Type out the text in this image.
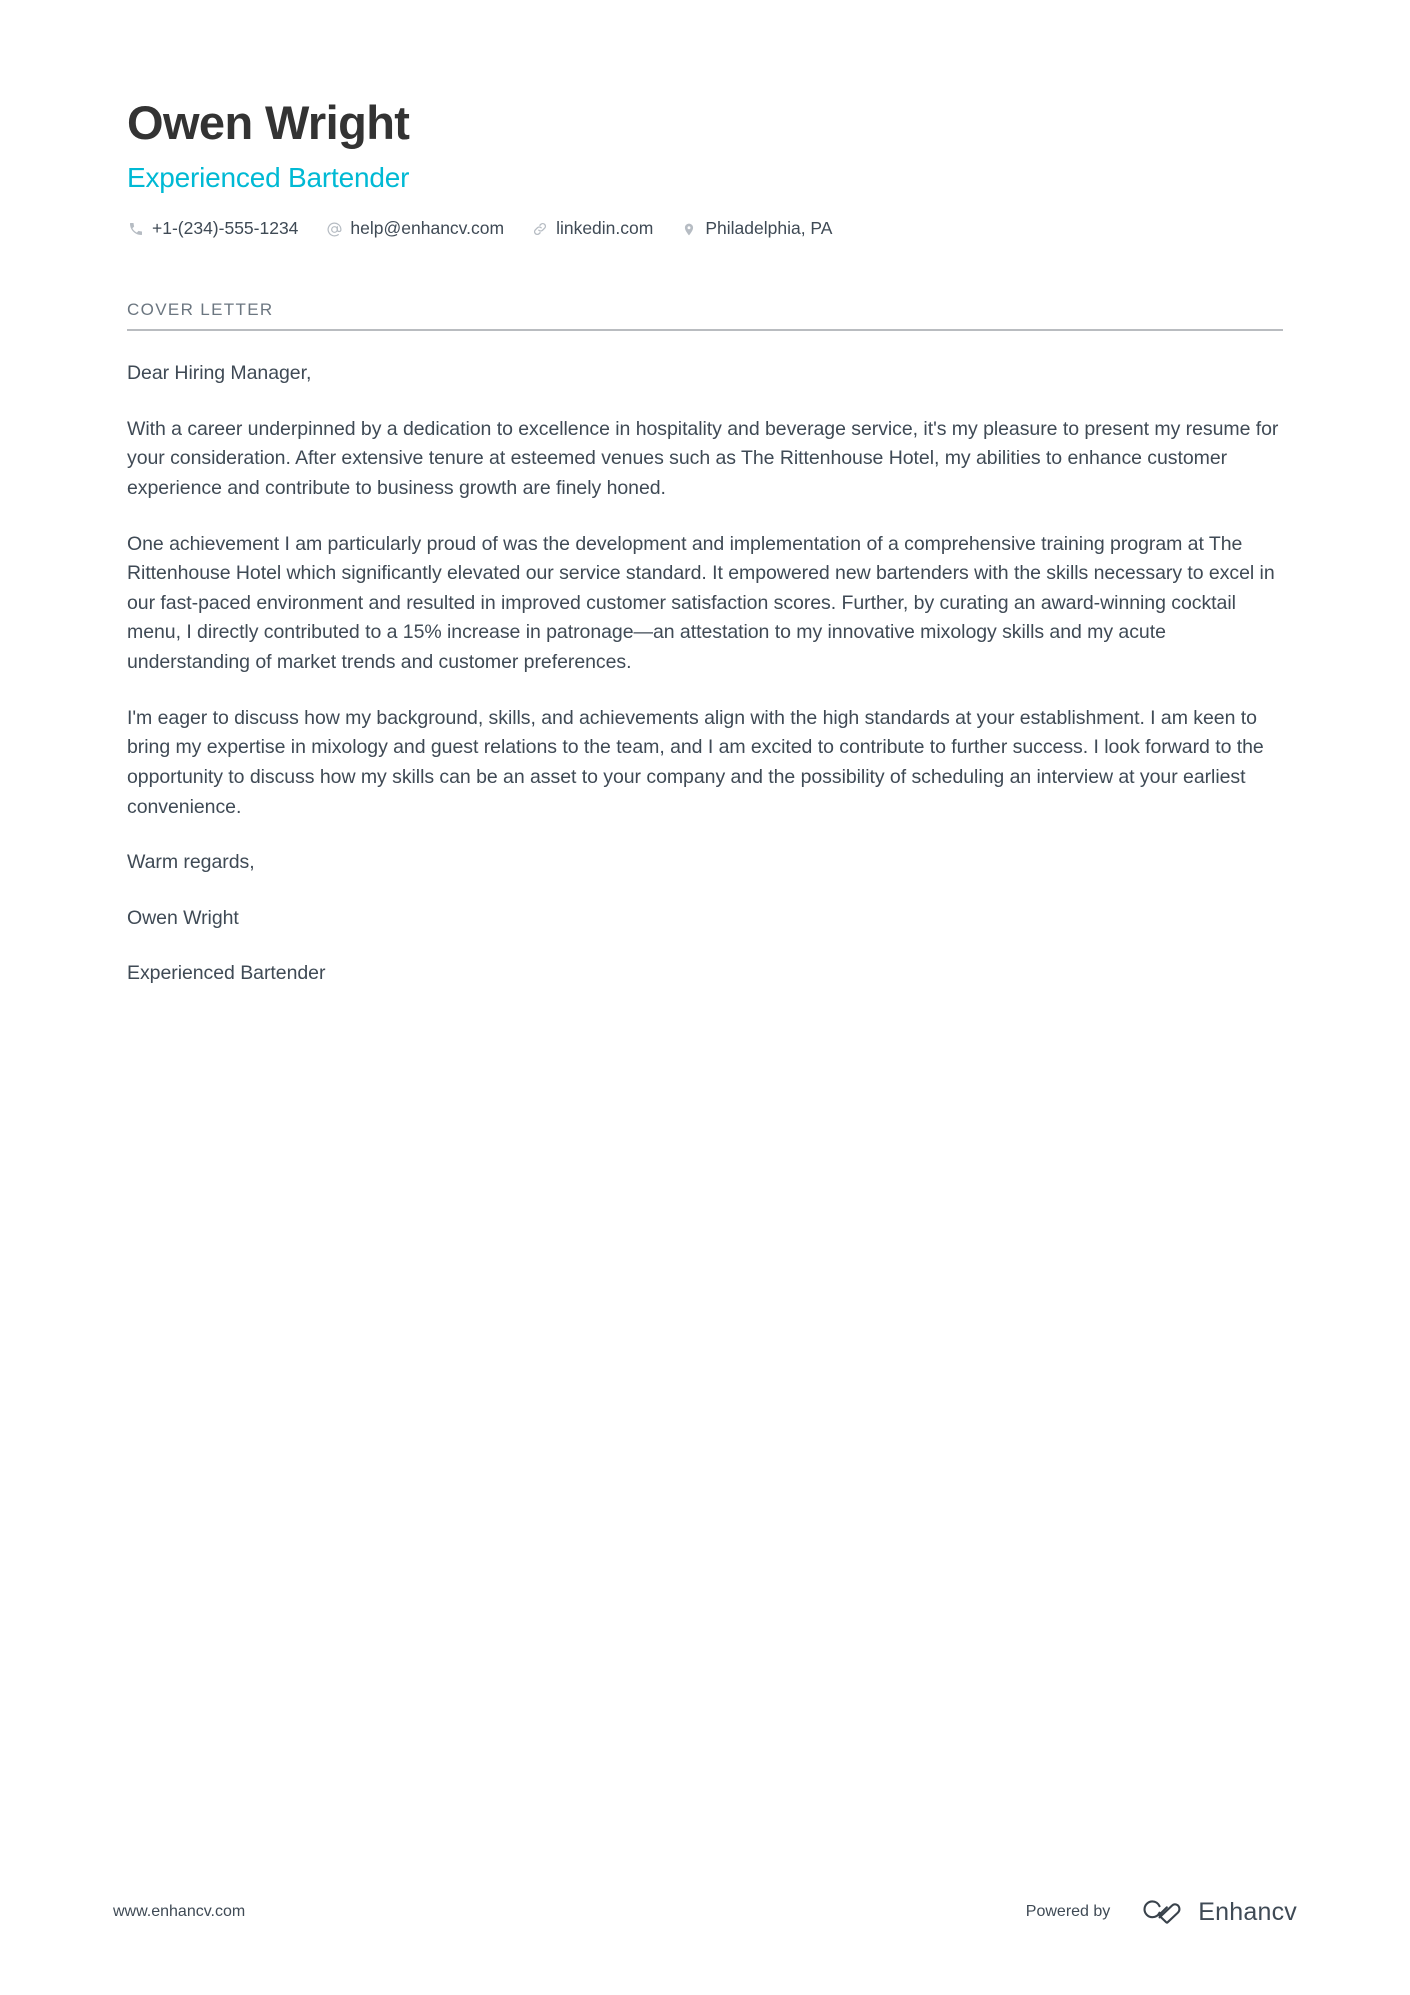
Owen Wright
Experienced Bartender
+1-(234)-555-1234	help@enhancv.com	linkedin.com	Philadelphia, PA
COVER LETTER

Dear Hiring Manager,

With a career underpinned by a dedication to excellence in hospitality and beverage service, it's my pleasure to present my resume for your consideration. After extensive tenure at esteemed venues such as The Rittenhouse Hotel, my abilities to enhance customer experience and contribute to business growth are finely honed.

One achievement I am particularly proud of was the development and implementation of a comprehensive training program at The Rittenhouse Hotel which significantly elevated our service standard. It empowered new bartenders with the skills necessary to excel in our fast-paced environment and resulted in improved customer satisfaction scores. Further, by curating an award-winning cocktail menu, I directly contributed to a 15% increase in patronage—an attestation to my innovative mixology skills and my acute understanding of market trends and customer preferences.

I'm eager to discuss how my background, skills, and achievements align with the high standards at your establishment. I am keen to bring my expertise in mixology and guest relations to the team, and I am excited to contribute to further success. I look forward to the opportunity to discuss how my skills can be an asset to your company and the possibility of scheduling an interview at your earliest convenience.

Warm regards,

Owen Wright

Experienced Bartender

www.enhancv.com	Powered by	Enhancv
